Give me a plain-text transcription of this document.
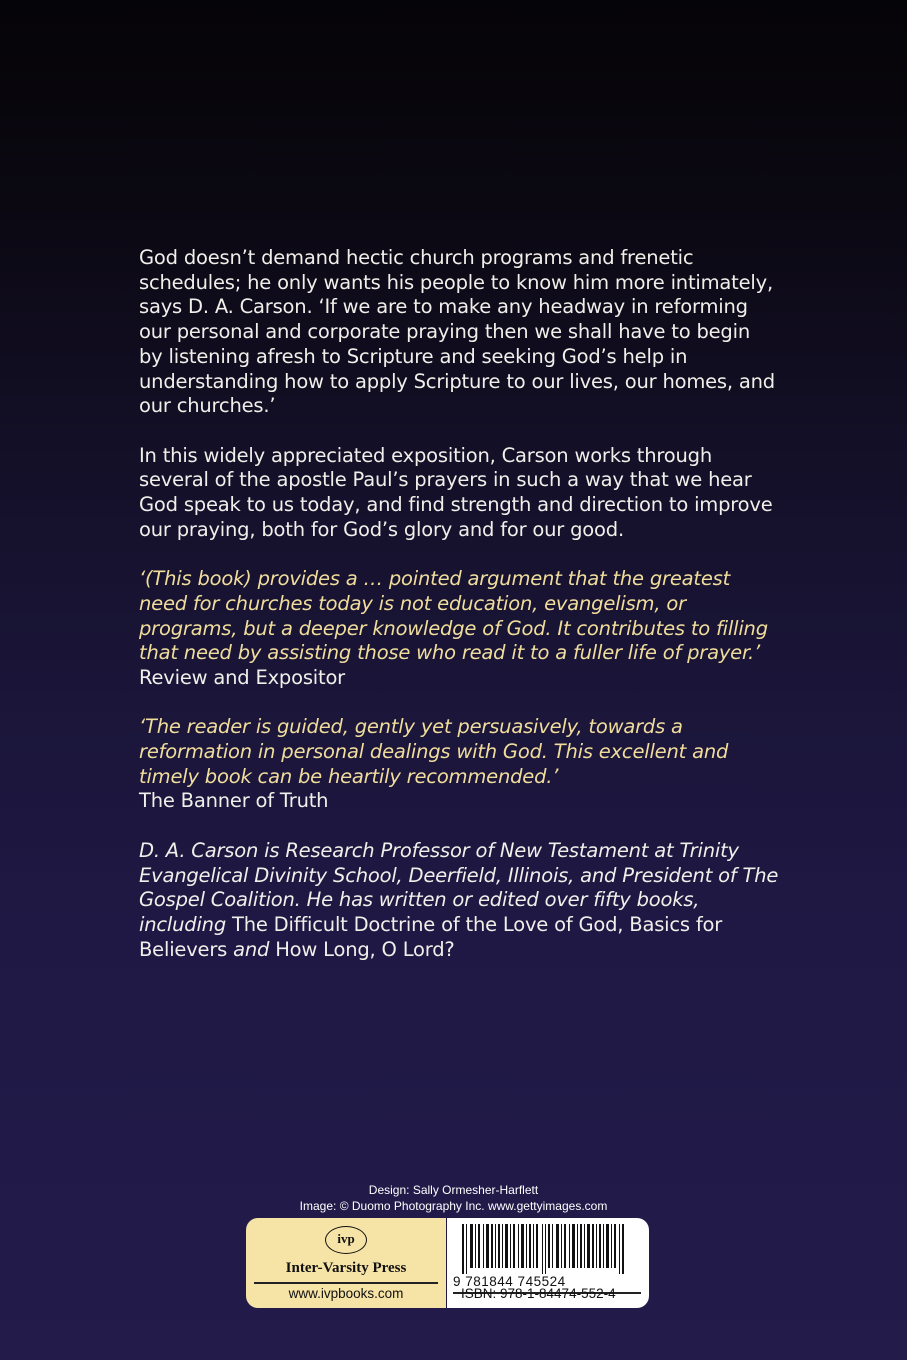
God doesn’t demand hectic church programs and frenetic schedules; he only wants his people to know him more intimately, says D. A. Carson. ‘If we are to make any headway in reforming our personal and corporate praying then we shall have to begin by listening afresh to Scripture and seeking God’s help in understanding how to apply Scripture to our lives, our homes, and our churches.’

In this widely appreciated exposition, Carson works through several of the apostle Paul’s prayers in such a way that we hear God speak to us today, and find strength and direction to improve our praying, both for God’s glory and for our good.

‘(This book) provides a … pointed argument that the greatest need for churches today is not education, evangelism, or programs, but a deeper knowledge of God. It contributes to filling that need by assisting those who read it to a fuller life of prayer.’
Review and Expositor

‘The reader is guided, gently yet persuasively, towards a reformation in personal dealings with God. This excellent and timely book can be heartily recommended.’
The Banner of Truth

D. A. Carson is Research Professor of New Testament at Trinity Evangelical Divinity School, Deerfield, Illinois, and President of The Gospel Coalition. He has written or edited over fifty books, including The Difficult Doctrine of the Love of God, Basics for Believers and How Long, O Lord?

Design: Sally Ormesher-Harflett
Image: © Duomo Photography Inc. www.gettyimages.com
ivp
Inter-Varsity Press
www.ivpbooks.com
9 781844 745524
ISBN: 978-1-84474-552-4
